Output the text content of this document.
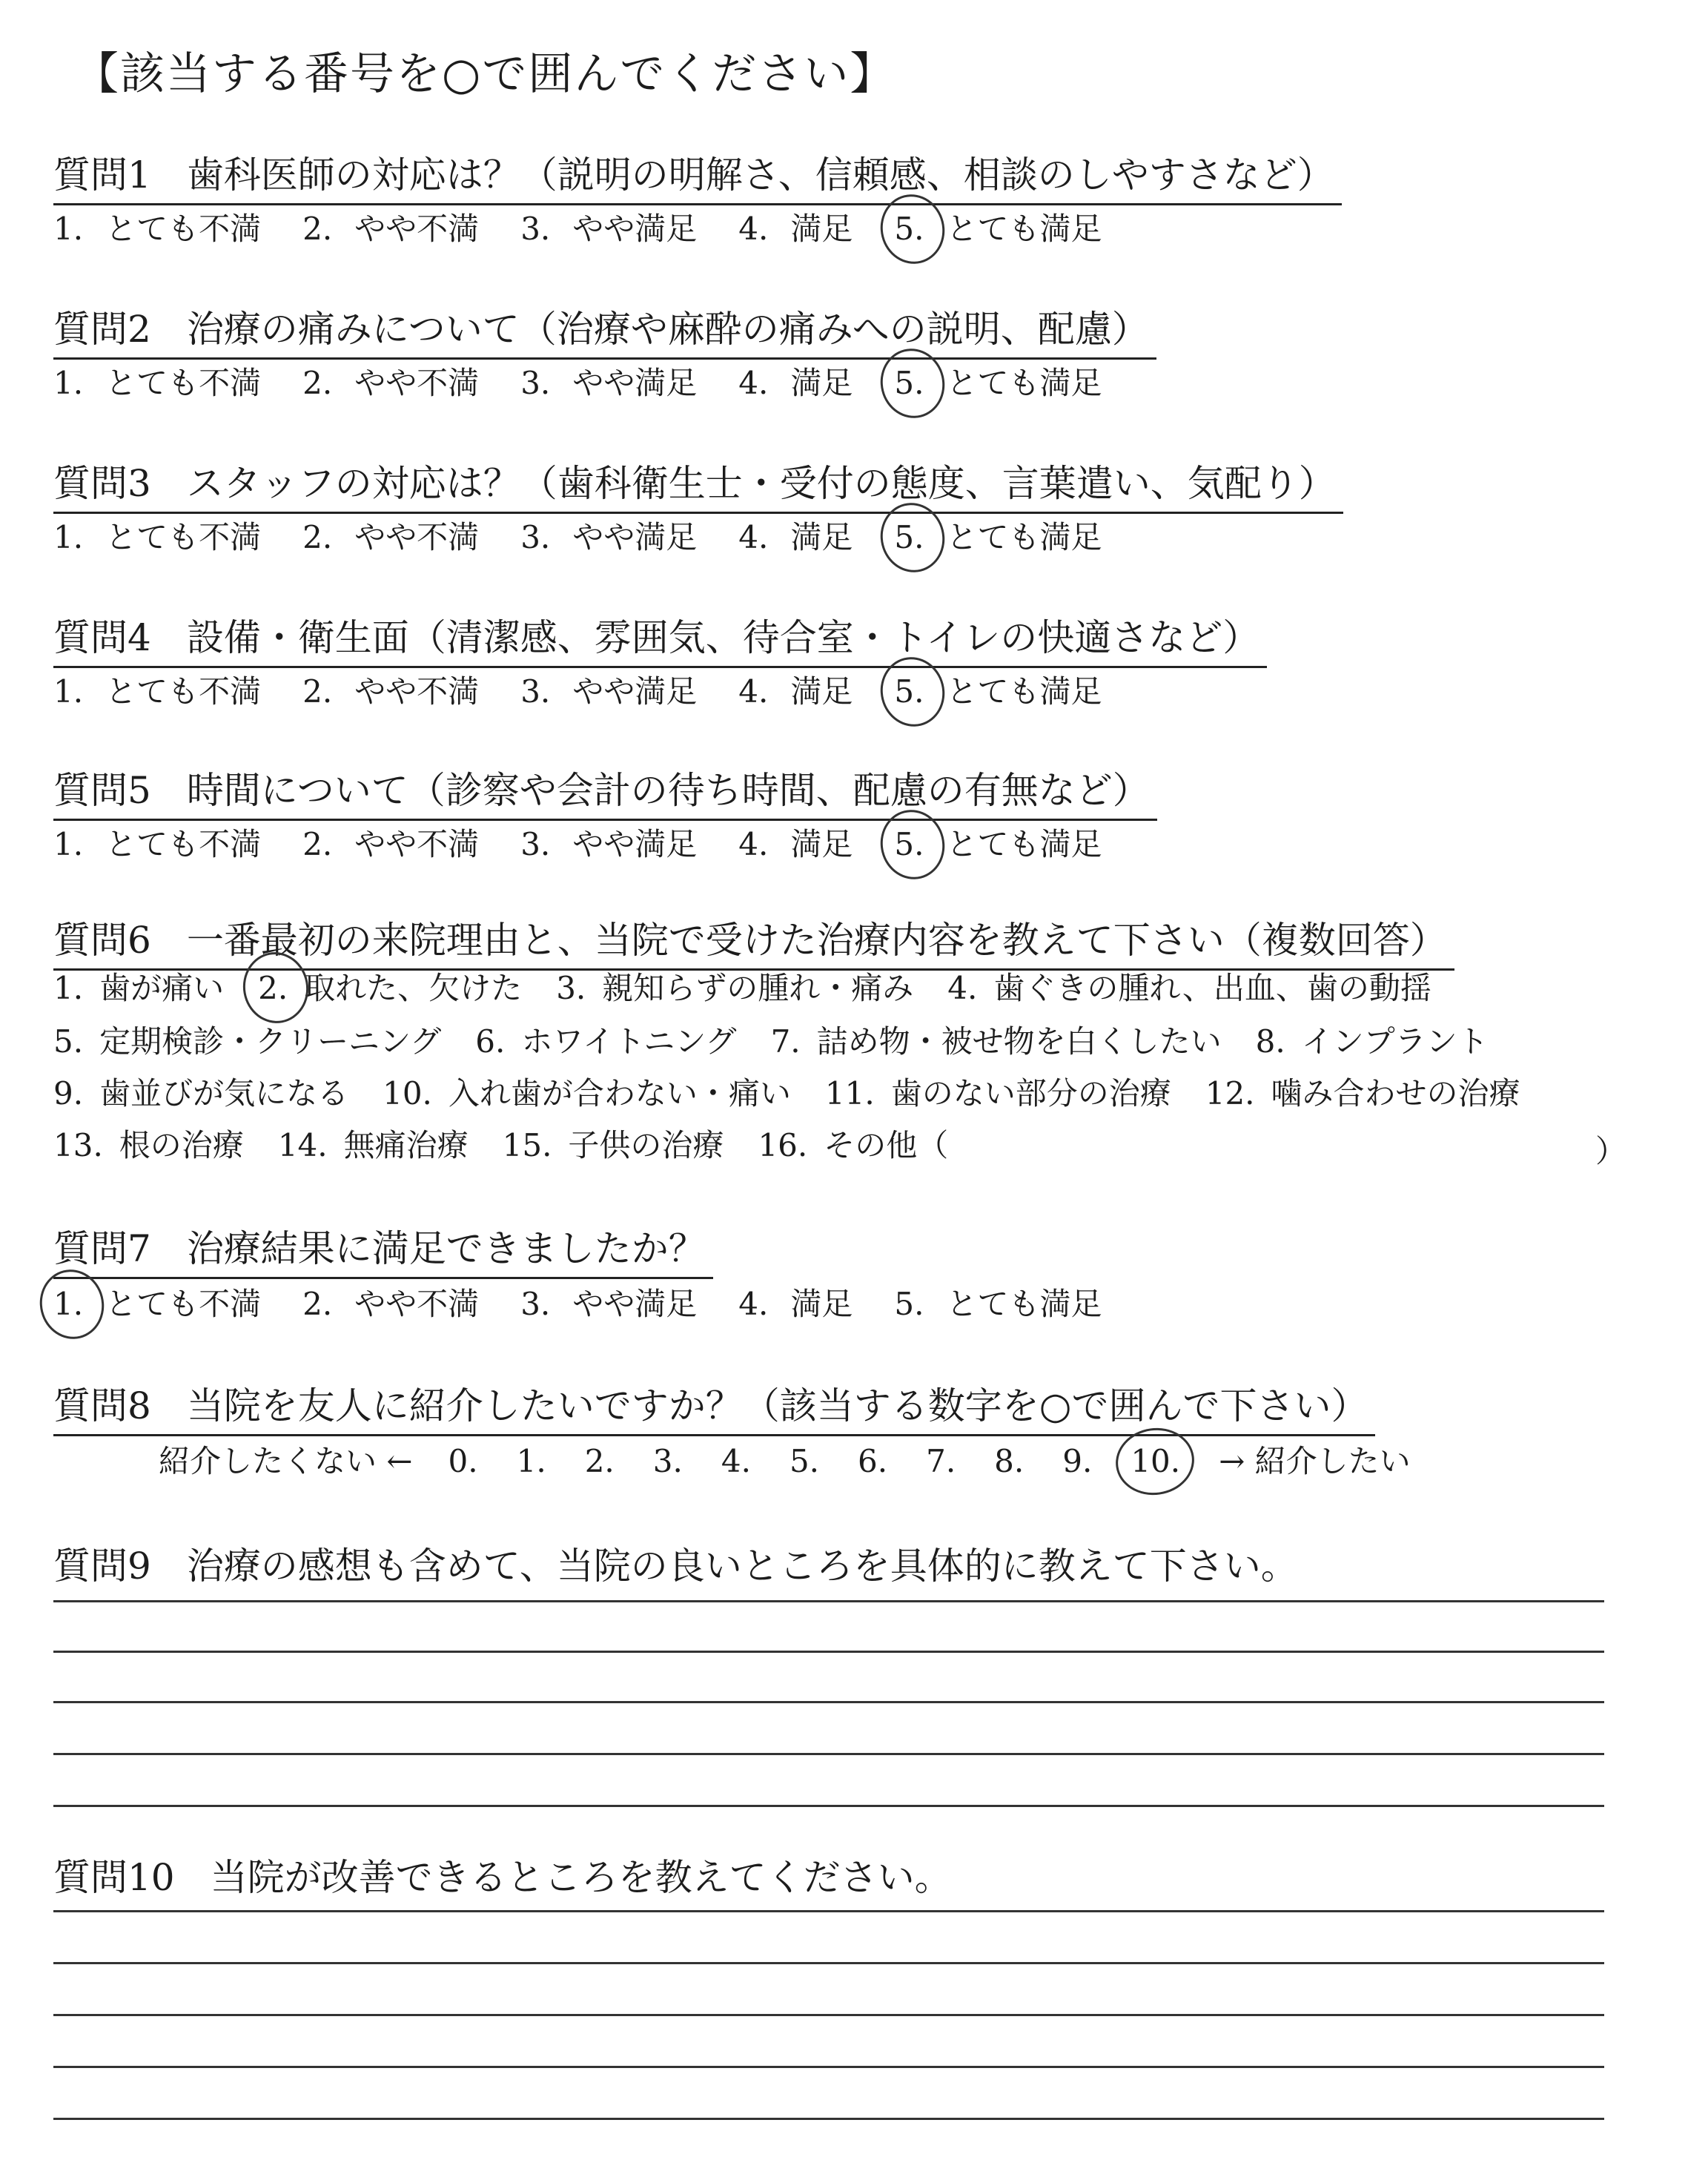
【該当する番号を○で囲んでください】
質問1 歯科医師の対応は？（説明の明解さ、信頼感、相談のしやすさなど）
1. とても不満 2. やや不満 3. やや満足 4. 満足 5. とても満足
質問2 治療の痛みについて（治療や麻酔の痛みへの説明、配慮）
1. とても不満 2. やや不満 3. やや満足 4. 満足 5. とても満足
質問3 スタッフの対応は？（歯科衛生士・受付の態度、言葉遣い、気配り）
1. とても不満 2. やや不満 3. やや満足 4. 満足 5. とても満足
質問4 設備・衛生面（清潔感、雰囲気、待合室・トイレの快適さなど）
1. とても不満 2. やや不満 3. やや満足 4. 満足 5. とても満足
質問5 時間について（診察や会計の待ち時間、配慮の有無など）
1. とても不満 2. やや不満 3. やや満足 4. 満足 5. とても満足
質問6 一番最初の来院理由と、当院で受けた治療内容を教えて下さい（複数回答）
1. 歯が痛い 2. 取れた、欠けた 3. 親知らずの腫れ・痛み 4. 歯ぐきの腫れ、出血、歯の動揺
5. 定期検診・クリーニング 6. ホワイトニング 7. 詰め物・被せ物を白くしたい 8. インプラント
9. 歯並びが気になる 10. 入れ歯が合わない・痛い 11. 歯のない部分の治療 12. 噛み合わせの治療
13. 根の治療 14. 無痛治療 15. 子供の治療 16. その他（	）
質問7 治療結果に満足できましたか？
1. とても不満 2. やや不満 3. やや満足 4. 満足 5. とても満足
質問8 当院を友人に紹介したいですか？（該当する数字を○で囲んで下さい）
紹介したくない ← 0. 1. 2. 3. 4. 5. 6. 7. 8. 9. 10. → 紹介したい
質問9 治療の感想も含めて、当院の良いところを具体的に教えて下さい。
質問10 当院が改善できるところを教えてください。
